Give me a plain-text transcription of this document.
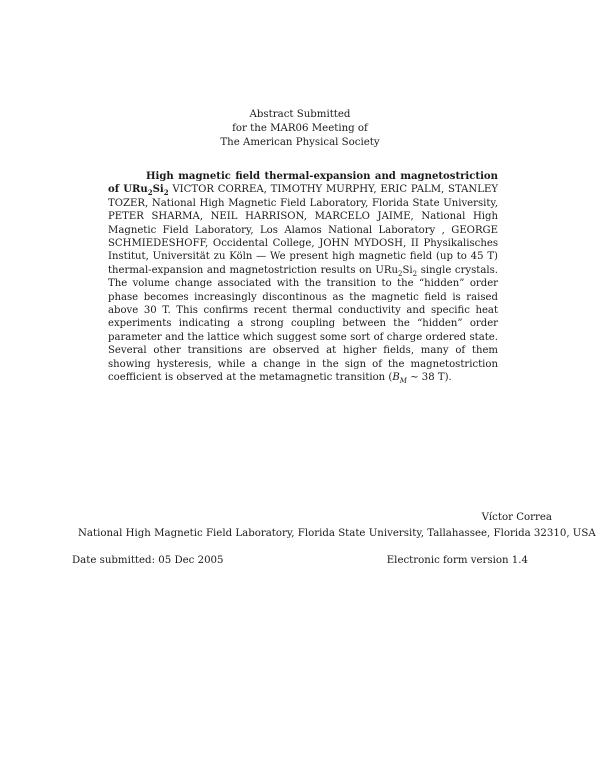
Abstract Submitted
for the MAR06 Meeting of
The American Physical Society
High magnetic field thermal-expansion and magnetostriction of $URu_2Si_2$ VICTOR CORREA, TIMOTHY MURPHY, ERIC PALM, STANLEY TOZER, National High Magnetic Field Laboratory, Florida State University, PETER SHARMA, NEIL HARRISON, MARCELO JAIME, National High Magnetic Field Laboratory, Los Alamos National Laboratory , GEORGE SCHMIEDESHOFF, Occidental College, JOHN MYDOSH, II Physikalisches Institut, Universität zu Köln — We present high magnetic field (up to 45 T) thermal-expansion and magnetostriction results on $URu_2Si_2$ single crystals. The volume change associated with the transition to the “hidden” order phase becomes increasingly discontinous as the magnetic field is raised above 30 T. This confirms recent thermal conductivity and specific heat experiments indicating a strong coupling between the “hidden” order parameter and the lattice which suggest some sort of charge ordered state. Several other transitions are observed at higher fields, many of them showing hysteresis, while a change in the sign of the magnetostriction coefficient is observed at the metamagnetic transition ($B_M$ ∼ 38 T).
Víctor Correa
National High Magnetic Field Laboratory, Florida State University, Tallahassee, Florida 32310, USA
Date submitted: 05 Dec 2005	Electronic form version 1.4
